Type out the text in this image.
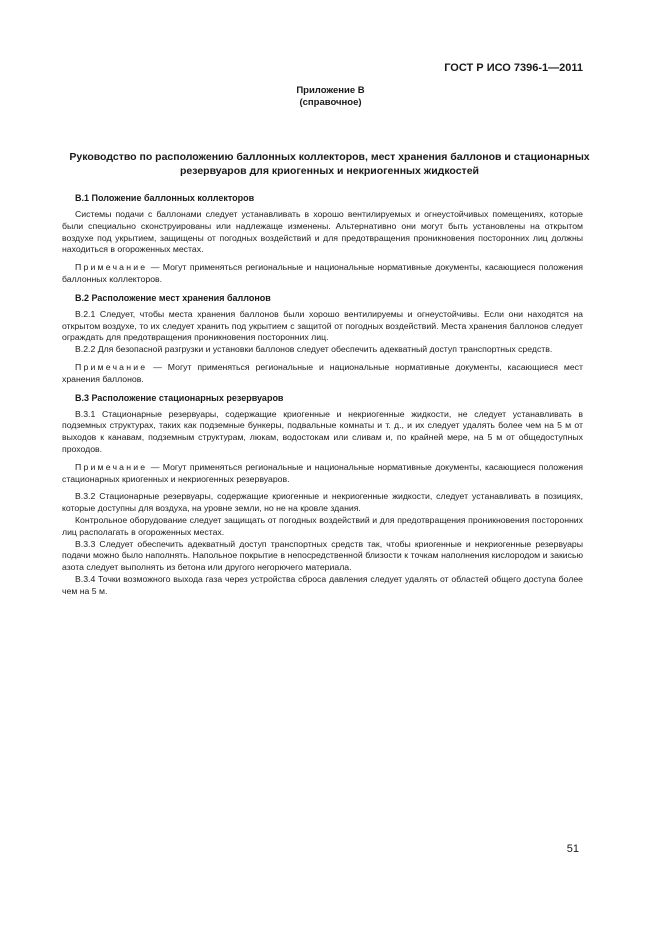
ГОСТ Р ИСО 7396-1—2011
Приложение В
(справочное)
Руководство по расположению баллонных коллекторов, мест хранения баллонов и стационарных резервуаров для криогенных и некриогенных жидкостей
В.1 Положение баллонных коллекторов

Системы подачи с баллонами следует устанавливать в хорошо вентилируемых и огнеустойчивых помещениях, которые были специально сконструированы или надлежаще изменены. Альтернативно они могут быть установлены на открытом воздухе под укрытием, защищены от погодных воздействий и для предотвращения проникновения посторонних лиц должны находиться в огороженных местах.

Примечание — Могут применяться региональные и национальные нормативные документы, касающиеся положения баллонных коллекторов.

В.2 Расположение мест хранения баллонов

В.2.1 Следует, чтобы места хранения баллонов были хорошо вентилируемы и огнеустойчивы. Если они находятся на открытом воздухе, то их следует хранить под укрытием с защитой от погодных воздействий. Места хранения баллонов следует ограждать для предотвращения проникновения посторонних лиц.

В.2.2 Для безопасной разгрузки и установки баллонов следует обеспечить адекватный доступ транспортных средств.

Примечание — Могут применяться региональные и национальные нормативные документы, касающиеся мест хранения баллонов.

В.3 Расположение стационарных резервуаров

В.3.1 Стационарные резервуары, содержащие криогенные и некриогенные жидкости, не следует устанавливать в подземных структурах, таких как подземные бункеры, подвальные комнаты и т. д., и их следует удалять более чем на 5 м от выходов к канавам, подземным структурам, люкам, водостокам или сливам и, по крайней мере, на 5 м от общедоступных проходов.

Примечание — Могут применяться региональные и национальные нормативные документы, касающиеся положения стационарных криогенных и некриогенных резервуаров.

В.3.2 Стационарные резервуары, содержащие криогенные и некриогенные жидкости, следует устанавливать в позициях, которые доступны для воздуха, на уровне земли, но не на кровле здания.

Контрольное оборудование следует защищать от погодных воздействий и для предотвращения проникновения посторонних лиц располагать в огороженных местах.

В.3.3 Следует обеспечить адекватный доступ транспортных средств так, чтобы криогенные и некриогенные резервуары подачи можно было наполнять. Напольное покрытие в непосредственной близости к точкам наполнения кислородом и закисью азота следует выполнять из бетона или другого негорючего материала.

В.3.4 Точки возможного выхода газа через устройства сброса давления следует удалять от областей общего доступа более чем на 5 м.

51
